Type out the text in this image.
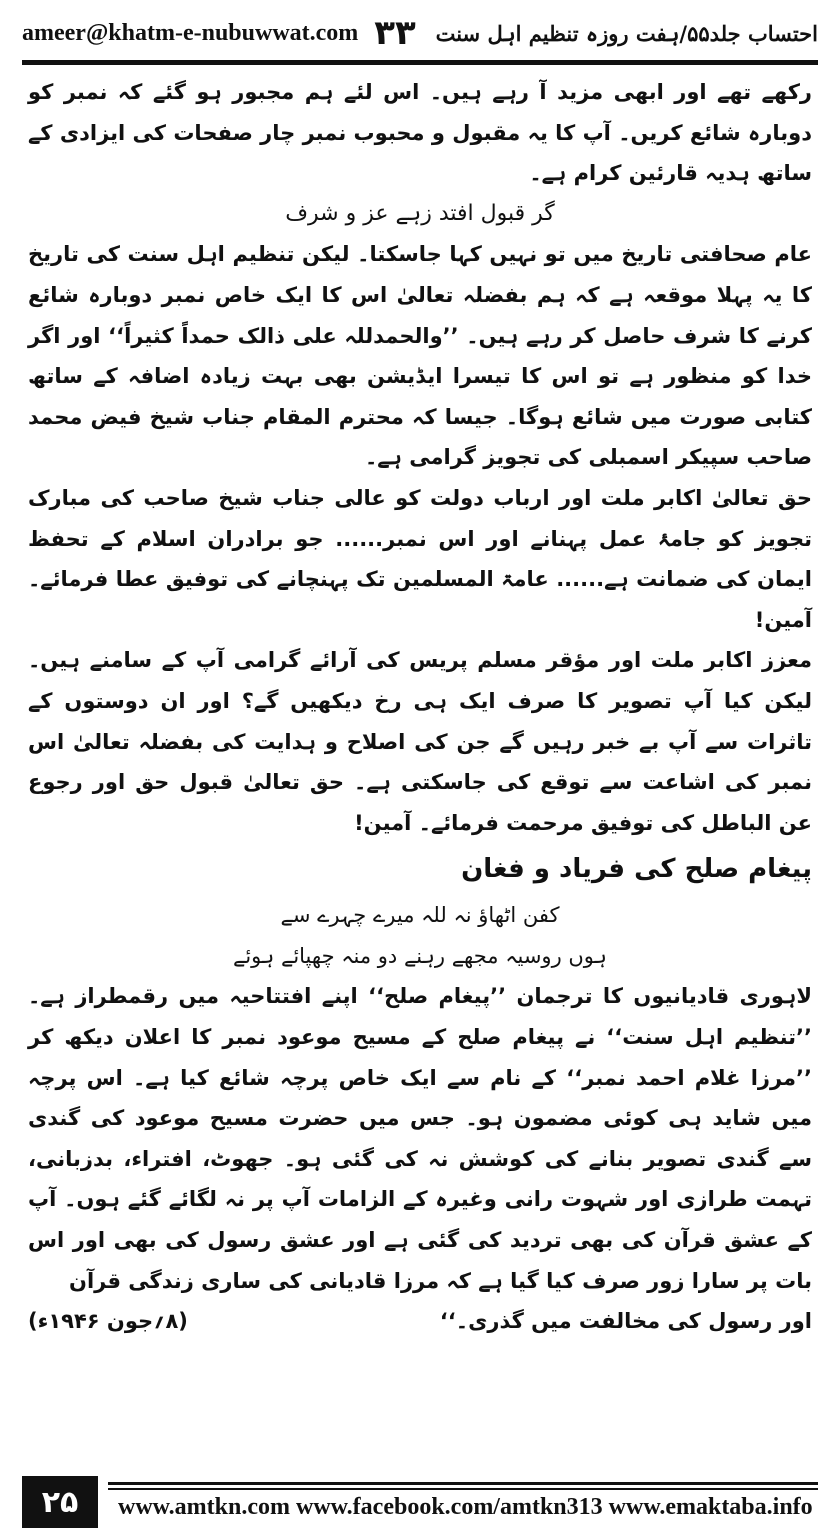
ameer@khatm-e-nubuwwat.com ۳۳ احتساب جلد۵۵/ہفت روزہ تنظیم اہل سنت

رکھے تھے اور ابھی مزید آ رہے ہیں۔ اس لئے ہم مجبور ہو گئے کہ نمبر کو دوبارہ شائع کریں۔ آپ کا یہ مقبول و محبوب نمبر چار صفحات کی ایزادی کے ساتھ ہدیہ قارئین کرام ہے۔

گر قبول افتد زہے عز و شرف

عام صحافتی تاریخ میں تو نہیں کہا جاسکتا۔ لیکن تنظیم اہل سنت کی تاریخ کا یہ پہلا موقعہ ہے کہ ہم بفضلہ تعالیٰ اس کا ایک خاص نمبر دوبارہ شائع کرنے کا شرف حاصل کر رہے ہیں۔ ’’والحمدللہ علی ذالک حمداً کثیراً‘‘ اور اگر خدا کو منظور ہے تو اس کا تیسرا ایڈیشن بھی بہت زیادہ اضافہ کے ساتھ کتابی صورت میں شائع ہوگا۔ جیسا کہ محترم المقام جناب شیخ فیض محمد صاحب سپیکر اسمبلی کی تجویز گرامی ہے۔

حق تعالیٰ اکابر ملت اور ارباب دولت کو عالی جناب شیخ صاحب کی مبارک تجویز کو جامۂ عمل پہنانے اور اس نمبر...... جو برادران اسلام کے تحفظ ایمان کی ضمانت ہے...... عامۃ المسلمین تک پہنچانے کی توفیق عطا فرمائے۔ آمین!

معزز اکابر ملت اور مؤقر مسلم پریس کی آرائے گرامی آپ کے سامنے ہیں۔ لیکن کیا آپ تصویر کا صرف ایک ہی رخ دیکھیں گے؟ اور ان دوستوں کے تاثرات سے آپ بے خبر رہیں گے جن کی اصلاح و ہدایت کی بفضلہ تعالیٰ اس نمبر کی اشاعت سے توقع کی جاسکتی ہے۔ حق تعالیٰ قبول حق اور رجوع عن الباطل کی توفیق مرحمت فرمائے۔ آمین!

پیغام صلح کی فریاد و فغان

کفن اٹھاؤ نہ للہ میرے چہرے سے

ہوں روسیہ مجھے رہنے دو منہ چھپائے ہوئے

لاہوری قادیانیوں کا ترجمان ’’پیغام صلح‘‘ اپنے افتتاحیہ میں رقمطراز ہے۔ ’’تنظیم اہل سنت‘‘ نے پیغام صلح کے مسیح موعود نمبر کا اعلان دیکھ کر ’’مرزا غلام احمد نمبر‘‘ کے نام سے ایک خاص پرچہ شائع کیا ہے۔ اس پرچہ میں شاید ہی کوئی مضمون ہو۔ جس میں حضرت مسیح موعود کی گندی سے گندی تصویر بنانے کی کوشش نہ کی گئی ہو۔ جھوٹ، افتراء، بدزبانی، تہمت طرازی اور شہوت رانی وغیرہ کے الزامات آپ پر نہ لگائے گئے ہوں۔ آپ کے عشق قرآن کی بھی تردید کی گئی ہے اور عشق رسول کی بھی اور اس بات پر سارا زور صرف کیا گیا ہے کہ مرزا قادیانی کی ساری زندگی قرآن

اور رسول کی مخالفت میں گذری۔‘‘
(۸؍جون ۱۹۴۶ء)

۲۵	www.amtkn.com www.facebook.com/amtkn313 www.emaktaba.info
